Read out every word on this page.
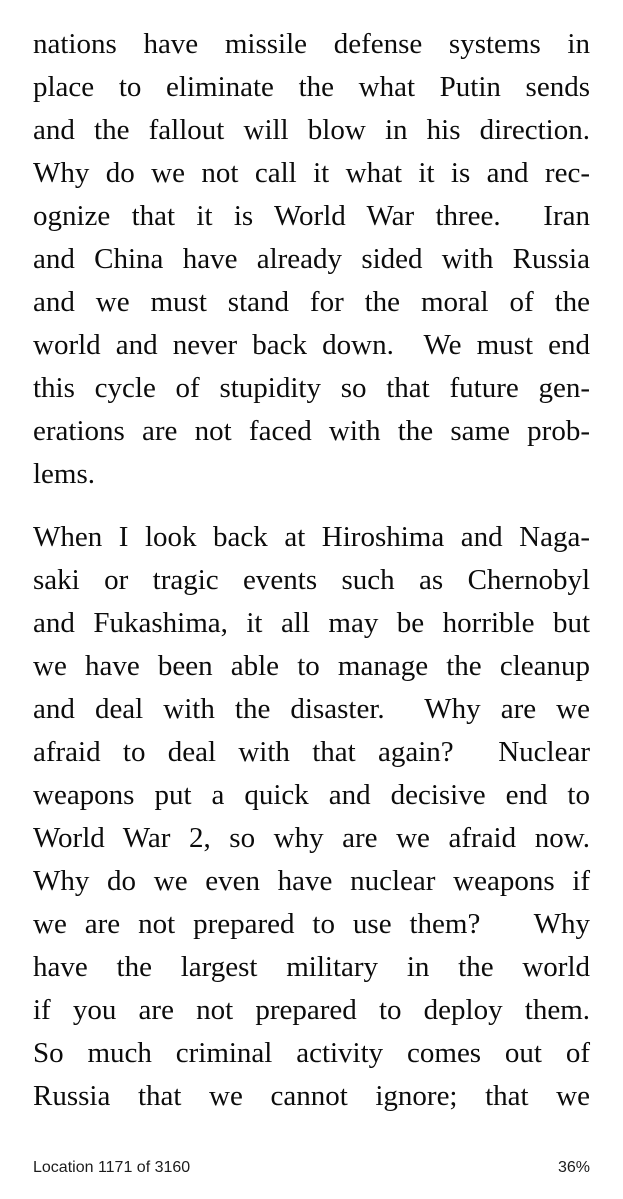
nations have missile defense systems in
place to eliminate the what Putin sends
and the fallout will blow in his direction.
Why do we not call it what it is and rec-
ognize that it is World War three.  Iran
and China have already sided with Russia
and we must stand for the moral of the
world and never back down.  We must end
this cycle of stupidity so that future gen-
erations are not faced with the same prob-
lems.

When I look back at Hiroshima and Naga-
saki or tragic events such as Chernobyl
and Fukashima, it all may be horrible but
we have been able to manage the cleanup
and deal with the disaster.  Why are we
afraid to deal with that again?  Nuclear
weapons put a quick and decisive end to
World War 2, so why are we afraid now.
Why do we even have nuclear weapons if
we are not prepared to use them?   Why
have the largest military in the world
if you are not prepared to deploy them.
So much criminal activity comes out of
Russia that we cannot ignore; that we

Location 1171 of 3160	36%
